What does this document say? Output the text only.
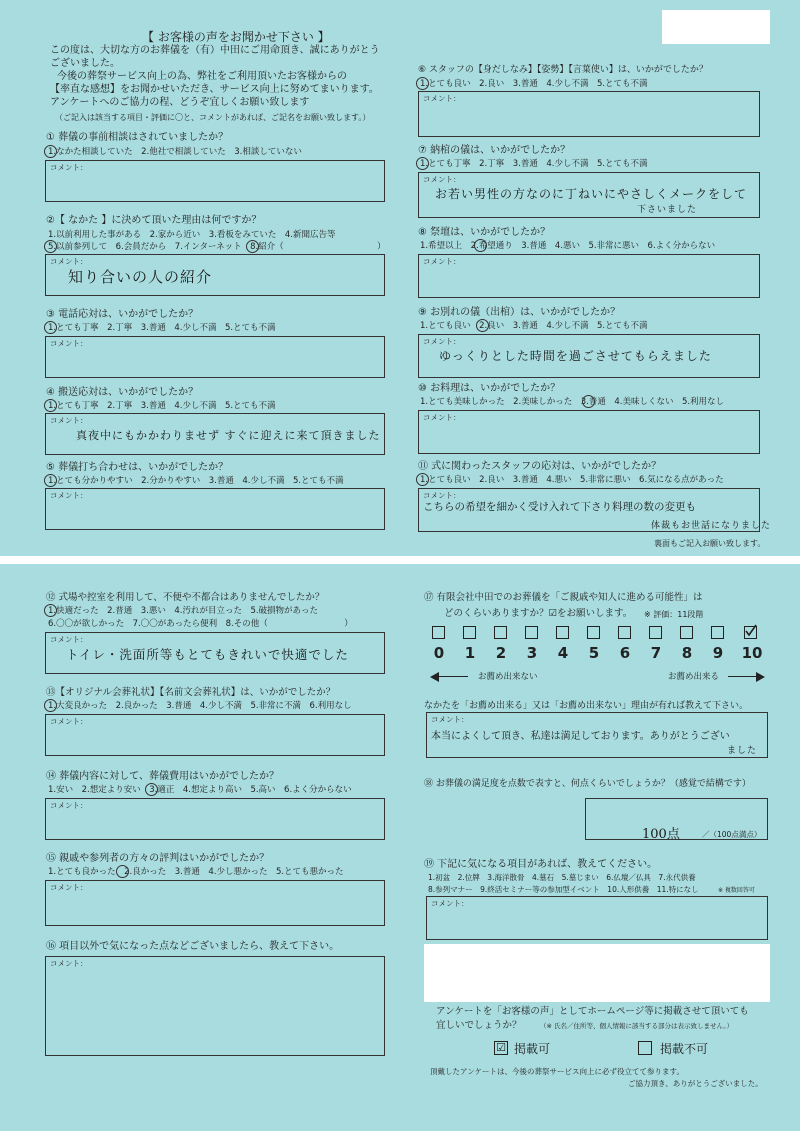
【 お客様の声をお聞かせ下さい 】
この度は、大切な方のお葬儀を（有）中田にご用命頂き、誠にありがとう
ございました。
今後の葬祭サービス向上の為、弊社をご利用頂いたお客様からの
【率直な感想】をお聞かせいただき、サービス向上に努めてまいります。
アンケートへのご協力の程、どうぞ宜しくお願い致します
（ご記入は該当する項目・評価に〇と、コメントがあれば、ご記名をお願い致します。）
① 葬儀の事前相談はされていましたか？
1.なかた相談していた　2.他社で相談していた　3.相談していない
コメント：
②【 なかた 】に決めて頂いた理由は何ですか？
1.以前利用した事がある　2.家から近い　3.看板をみていた　4.新聞広告等
5.以前参列して　6.会員だから　7.インターネット　8.紹介（　　　　　　　　　　　）
コメント：
知り合いの人の紹介
③ 電話応対は、いかがでしたか？
1.とても丁寧　2.丁寧　3.普通　4.少し不満　5.とても不満
コメント：
④ 搬送応対は、いかがでしたか？
1.とても丁寧　2.丁寧　3.普通　4.少し不満　5.とても不満
コメント：
真夜中にもかかわりませず すぐに迎えに来て頂きました
⑤ 葬儀打ち合わせは、いかがでしたか？
1.とても分かりやすい　2.分かりやすい　3.普通　4.少し不満　5.とても不満
コメント：
⑥ スタッフの【身だしなみ】【姿勢】【言葉使い】は、いかがでしたか？
1.とても良い　2.良い　3.普通　4.少し不満　5.とても不満
コメント：
⑦ 納棺の儀は、いかがでしたか？
1.とても丁寧　2.丁寧　3.普通　4.少し不満　5.とても不満
コメント：
お若い男性の方なのに丁ねいにやさしくメークをして
下さいました
⑧ 祭壇は、いかがでしたか？
1.希望以上　2.希望通り　3.普通　4.悪い　5.非常に悪い　6.よく分からない
コメント：
⑨ お別れの儀（出棺）は、いかがでしたか？
1.とても良い　2.良い　3.普通　4.少し不満　5.とても不満
コメント：
ゆっくりとした時間を過ごさせてもらえました
⑩ お料理は、いかがでしたか？
1.とても美味しかった　2.美味しかった　3.普通　4.美味しくない　5.利用なし
コメント：
⑪ 式に関わったスタッフの応対は、いかがでしたか？
1.とても良い　2.良い　3.普通　4.悪い　5.非常に悪い　6.気になる点があった
コメント：
こちらの希望を細かく受け入れて下さり料理の数の変更も
体裁もお世話になりました
裏面もご記入お願い致します。
⑫ 式場や控室を利用して、不便や不都合はありませんでしたか？
1.快適だった　2.普通　3.悪い　4.汚れが目立った　5.破損物があった
6.〇〇が欲しかった　7.〇〇があったら便利　8.その他（　　　　　　　　　）
コメント：
トイレ・洗面所等もとてもきれいで快適でした
⑬【オリジナル会葬礼状】【名前文会葬礼状】は、いかがでしたか？
1.大変良かった　2.良かった　3.普通　4.少し不満　5.非常に不満　6.利用なし
コメント：
⑭ 葬儀内容に対して、葬儀費用はいかがでしたか？
1.安い　2.想定より安い　3.適正　4.想定より高い　5.高い　6.よく分からない
コメント：
⑮ 親戚や参列者の方々の評判はいかがでしたか？
1.とても良かった　2.良かった　3.普通　4.少し悪かった　5.とても悪かった
コメント：
⑯ 項目以外で気になった点などございましたら、教えて下さい。
コメント：
⑰ 有限会社中田でのお葬儀を「ご親戚や知人に進める可能性」は
どのくらいありますか？☑をお願いします。 ※ 評価：11段階
0	1	2	3	4	5	6	7	8	9	10
お薦め出来ない	お薦め出来る
なかたを「お薦め出来る」又は「お薦め出来ない」理由が有れば教えて下さい。
コメント：
本当によくして頂き、私達は満足しております。ありがとうござい
ました
⑱ お葬儀の満足度を点数で表すと、何点くらいでしょうか？（感覚で結構です）
100点	／（100点満点）
⑲ 下記に気になる項目があれば、教えてください。
1.初盆　2.位牌　3.海洋散骨　4.墓石　5.墓じまい　6.仏壇／仏具　7.永代供養
8.参列マナー　9.終活セミナー等の参加型イベント　10.人形供養　11.特になし	※ 複数回答可
コメント：
アンケートを「お客様の声」としてホームページ等に掲載させて頂いても
宜しいでしょうか？	（※ 氏名／住所等、個人情報に該当する部分は表示致しません。）
☑ 掲載可	掲載不可
頂戴したアンケートは、今後の葬祭サービス向上に必ず役立てて参ります。
ご協力頂き、ありがとうございました。
